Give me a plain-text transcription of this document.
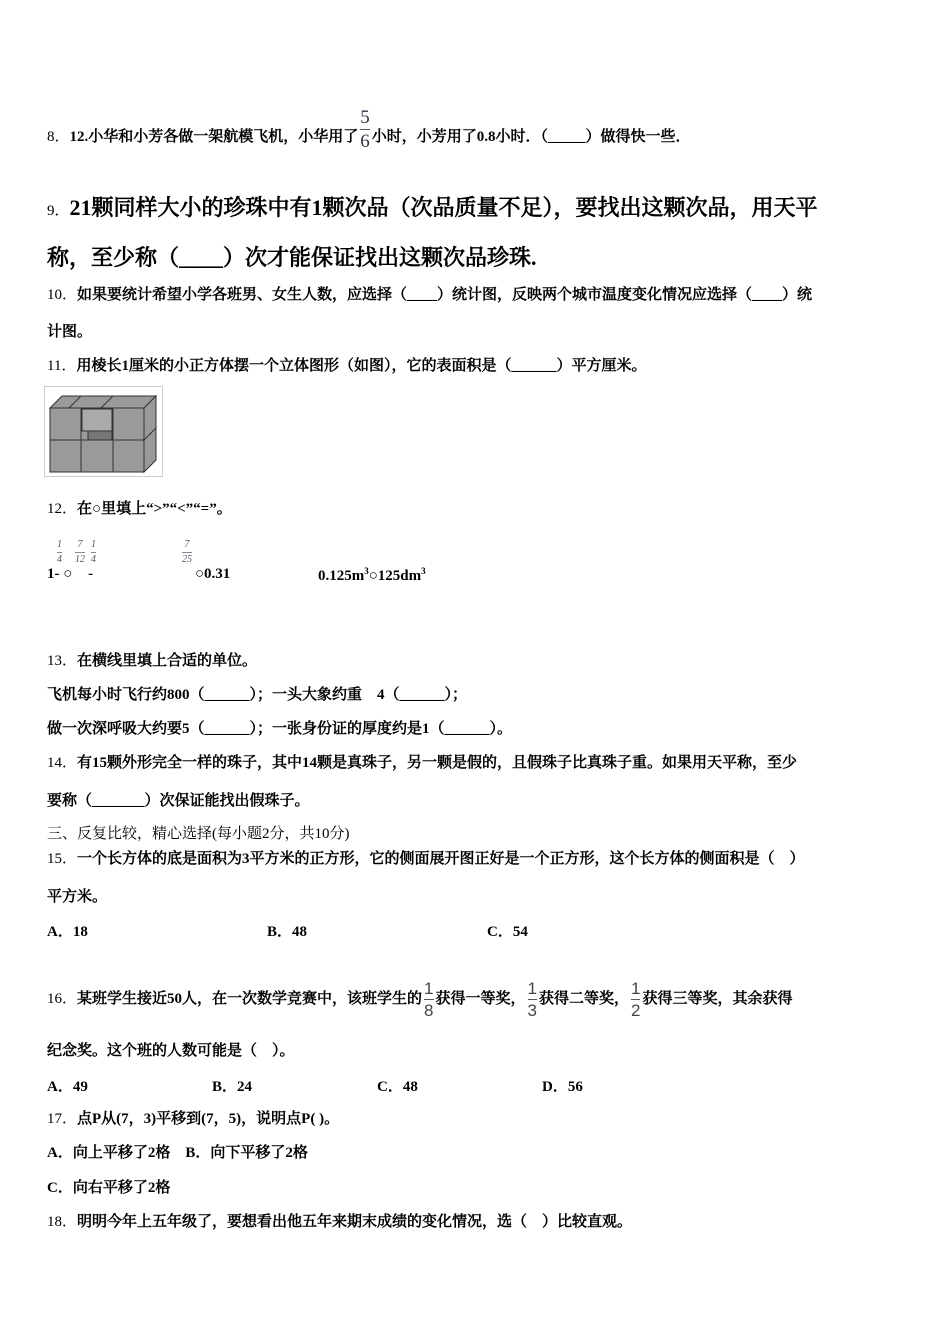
8．12.小华和小芳各做一架航模飞机，小华用了 $\frac{5}{6}$ 小时，小芳用了0.8小时．（_____）做得快一些．
9．21颗同样大小的珍珠中有1颗次品（次品质量不足），要找出这颗次品，用天平
称，至少称（____）次才能保证找出这颗次品珍珠.
10．如果要统计希望小学各班男、女生人数，应选择（____）统计图，反映两个城市温度变化情况应选择（____）统
计图。
11．用棱长1厘米的小正方体摆一个立体图形（如图），它的表面积是（______）平方厘米。
12．在○里填上“>”“<”“=”。
1
4
7
12
1
4
1- ○ -
7
25
○0.31	$0.125m^3○125dm^3$
13．在横线里填上合适的单位。
飞机每小时飞行约800（______）；一头大象约重　4（______）；
做一次深呼吸大约要5（______）；一张身份证的厚度约是1（______）。
14．有15颗外形完全一样的珠子，其中14颗是真珠子，另一颗是假的，且假珠子比真珠子重。如果用天平称，至少
要称（_______）次保证能找出假珠子。
三、反复比较，精心选择(每小题2分，共10分)
15．一个长方体的底是面积为3平方米的正方形，它的侧面展开图正好是一个正方形，这个长方体的侧面积是（　）
平方米。
A．18	B．48	C．54
16．某班学生接近50人，在一次数学竞赛中，该班学生的 $\frac{1}{8}$ 获得一等奖， $\frac{1}{3}$ 获得二等奖， $\frac{1}{2}$ 获得三等奖，其余获得
纪念奖。这个班的人数可能是（　）。
A．49	B．24	C．48	D．56
17．点P从(7，3)平移到(7，5)，说明点P( )。
A．向上平移了2格　B．向下平移了2格
C．向右平移了2格
18．明明今年上五年级了，要想看出他五年来期末成绩的变化情况，选（　）比较直观。
